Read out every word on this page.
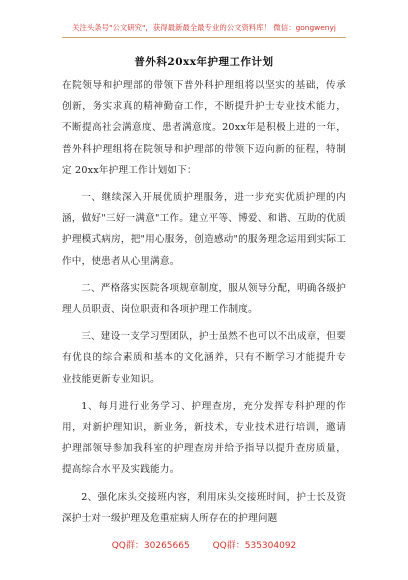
关注头条号"公文研究"，获得最新最全最专业的公文资料库！ 微信：gongwenyj
普外科20xx年护理工作计划

在院领导和护理部的带领下普外科护理组将以坚实的基础，传承创新，务实求真的精神勤奋工作，不断提升护士专业技术能力，不断提高社会满意度、患者满意度。20xx年是积极上进的一年，普外科护理组将在院领导和护理部的带领下迈向新的征程，特制定 20xx年护理工作计划如下：

一、继续深入开展优质护理服务，进一步充实优质护理的内涵，做好"三好一满意"工作。建立平等、博爱、和谐、互助的优质护理模式病房，把"用心服务，创造感动"的服务理念运用到实际工作中，使患者从心里满意。

二、严格落实医院各项规章制度，服从领导分配，明确各级护理人员职责、岗位职责和各项护理工作制度。

三、建设一支学习型团队，护士虽然不也可以不出成章，但要有优良的综合素质和基本的文化涵养，只有不断学习才能提升专业技能更新专业知识。

1、每月进行业务学习、护理查房，充分发挥专科护理的作用，对新护理知识，新业务，新技术，专业技术进行培训，邀请护理部领导参加我科室的护理查房并给予指导以提升查房质量，提高综合水平及实践能力。

2、强化床头交接班内容，利用床头交接班时间，护士长及资深护士对一级护理及危重症病人所存在的护理问题

QQ群：30265665	QQ群：535304092
